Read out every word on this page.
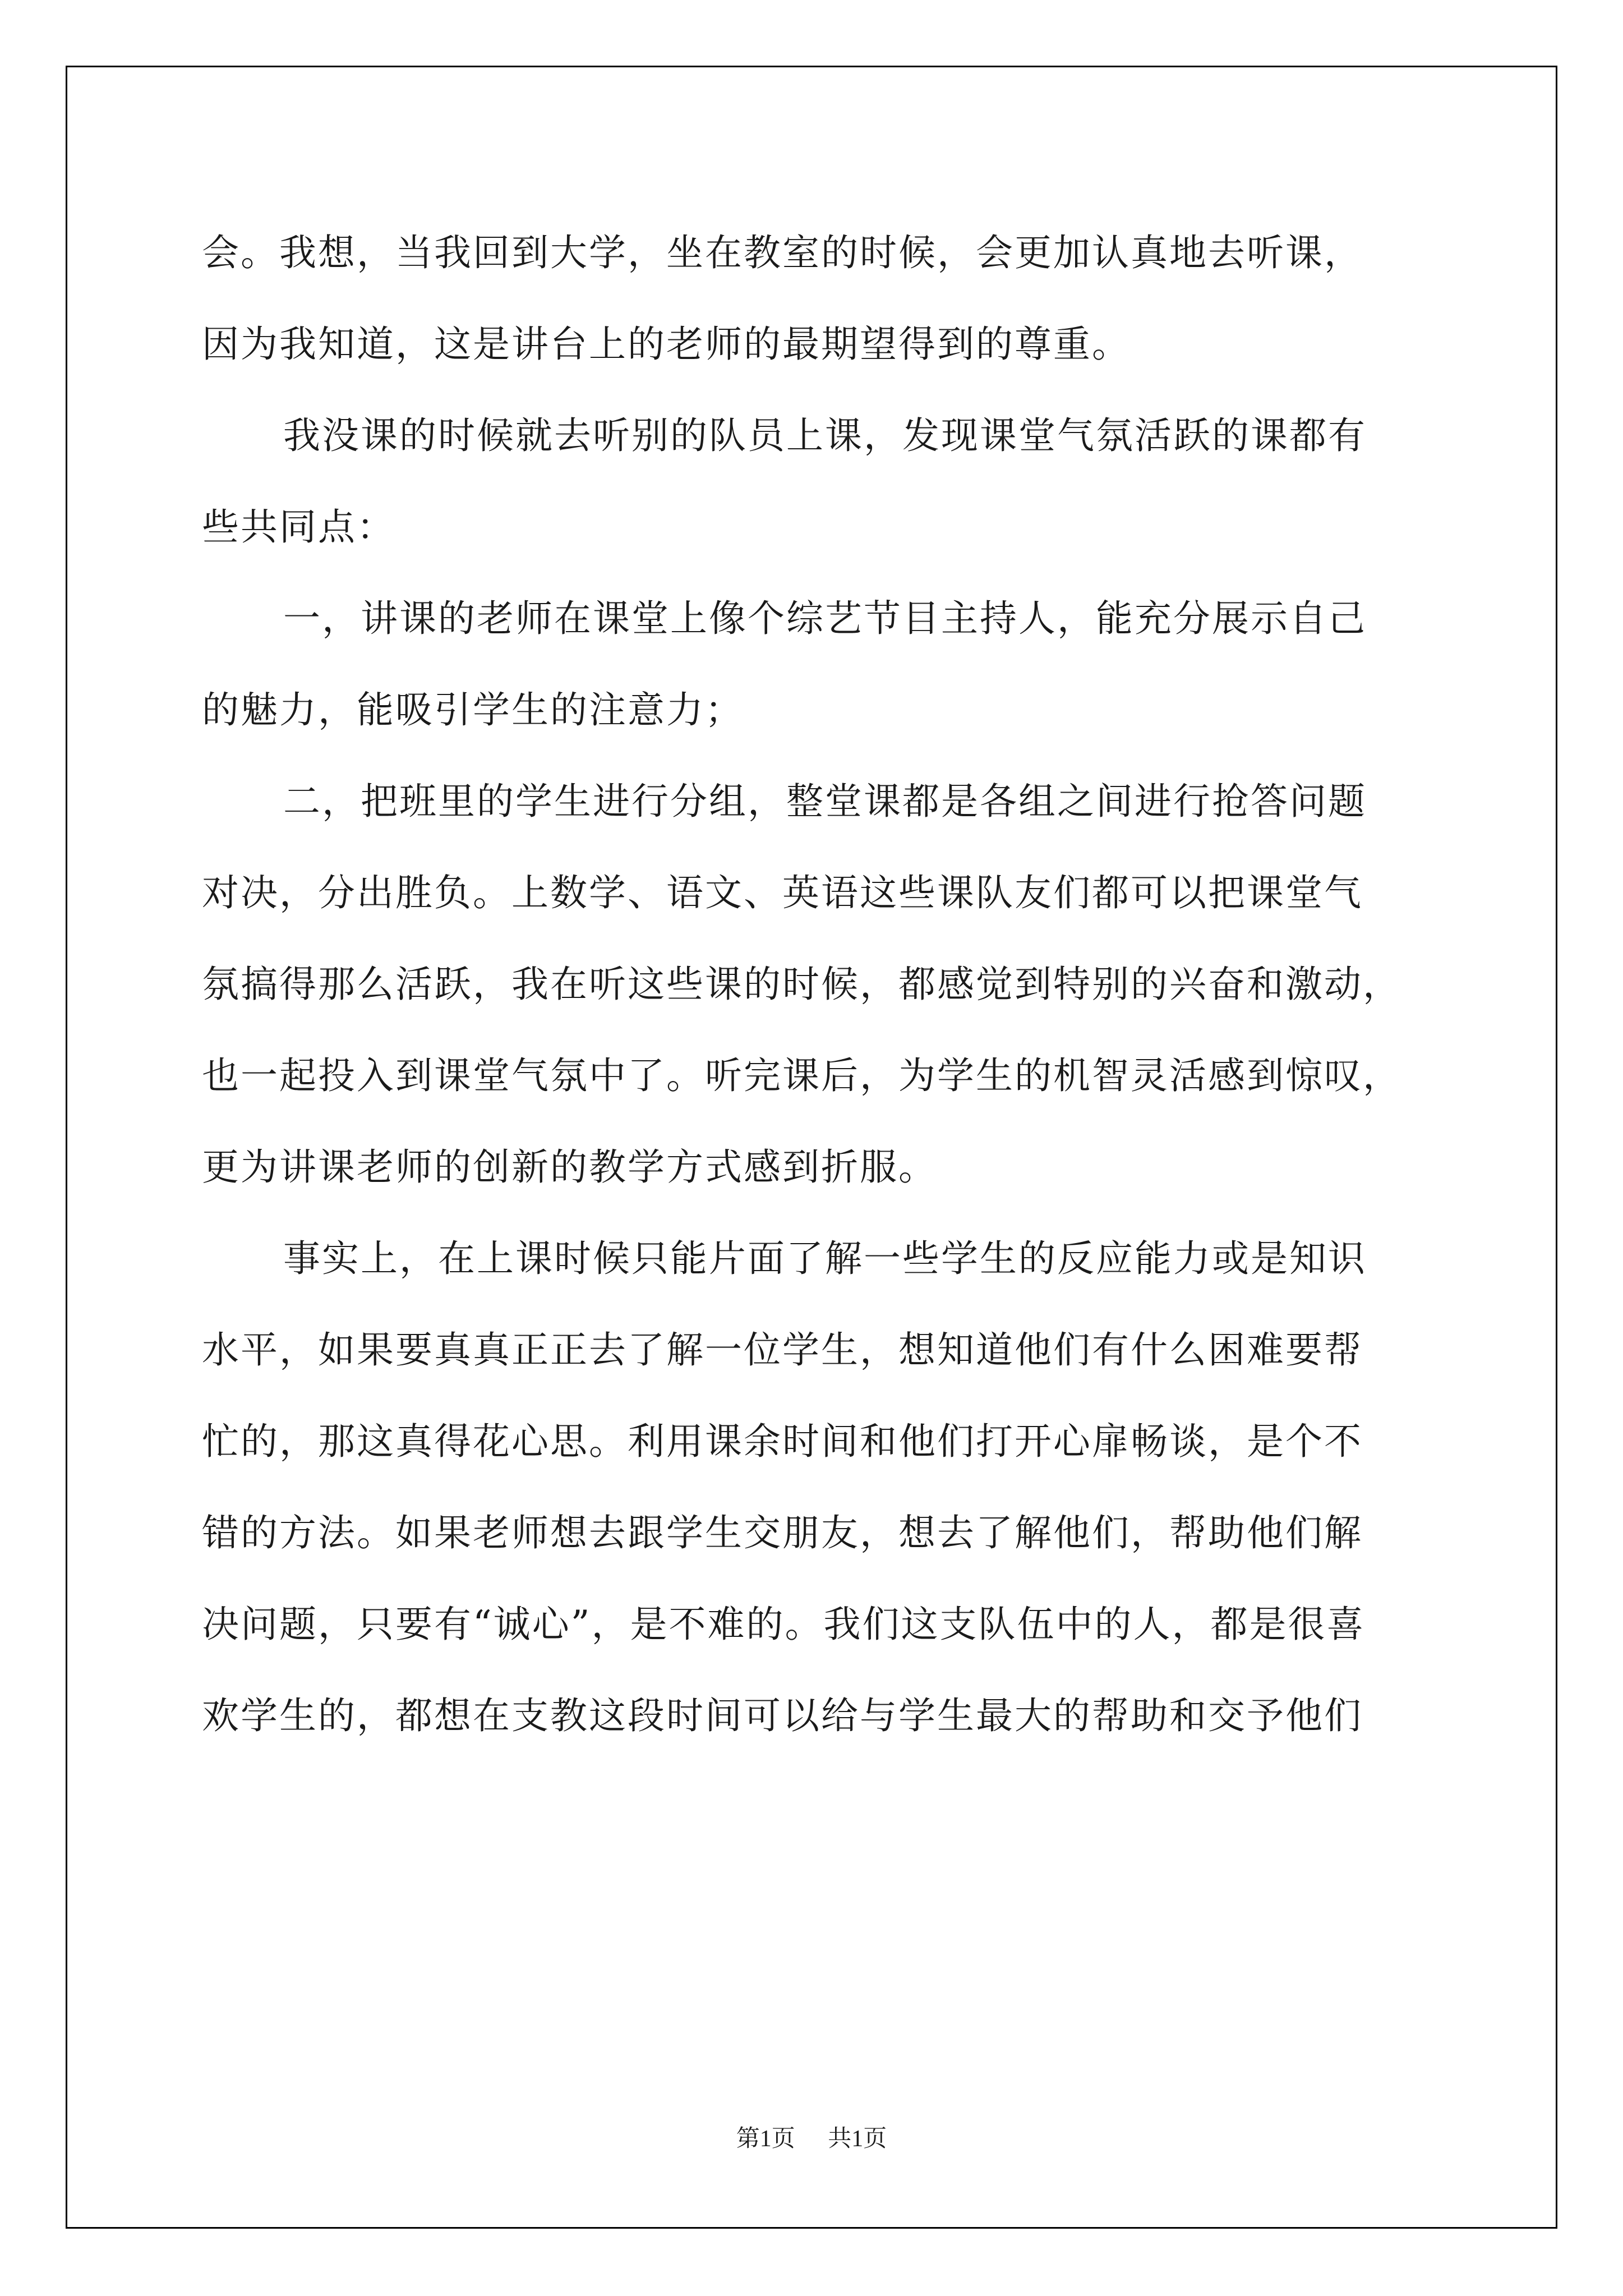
会。我想，当我回到大学，坐在教室的时候，会更加认真地去听课，
因为我知道，这是讲台上的老师的最期望得到的尊重。
我没课的时候就去听别的队员上课，发现课堂气氛活跃的课都有
些共同点：
一，讲课的老师在课堂上像个综艺节目主持人，能充分展示自己
的魅力，能吸引学生的注意力；
二，把班里的学生进行分组，整堂课都是各组之间进行抢答问题
对决，分出胜负。上数学、语文、英语这些课队友们都可以把课堂气
氛搞得那么活跃，我在听这些课的时候，都感觉到特别的兴奋和激动，
也一起投入到课堂气氛中了。听完课后，为学生的机智灵活感到惊叹，
更为讲课老师的创新的教学方式感到折服。
事实上，在上课时候只能片面了解一些学生的反应能力或是知识
水平，如果要真真正正去了解一位学生，想知道他们有什么困难要帮
忙的，那这真得花心思。利用课余时间和他们打开心扉畅谈，是个不
错的方法。如果老师想去跟学生交朋友，想去了解他们，帮助他们解
决问题，只要有“诚心”，是不难的。我们这支队伍中的人，都是很喜
欢学生的，都想在支教这段时间可以给与学生最大的帮助和交予他们
第1页 共1页
